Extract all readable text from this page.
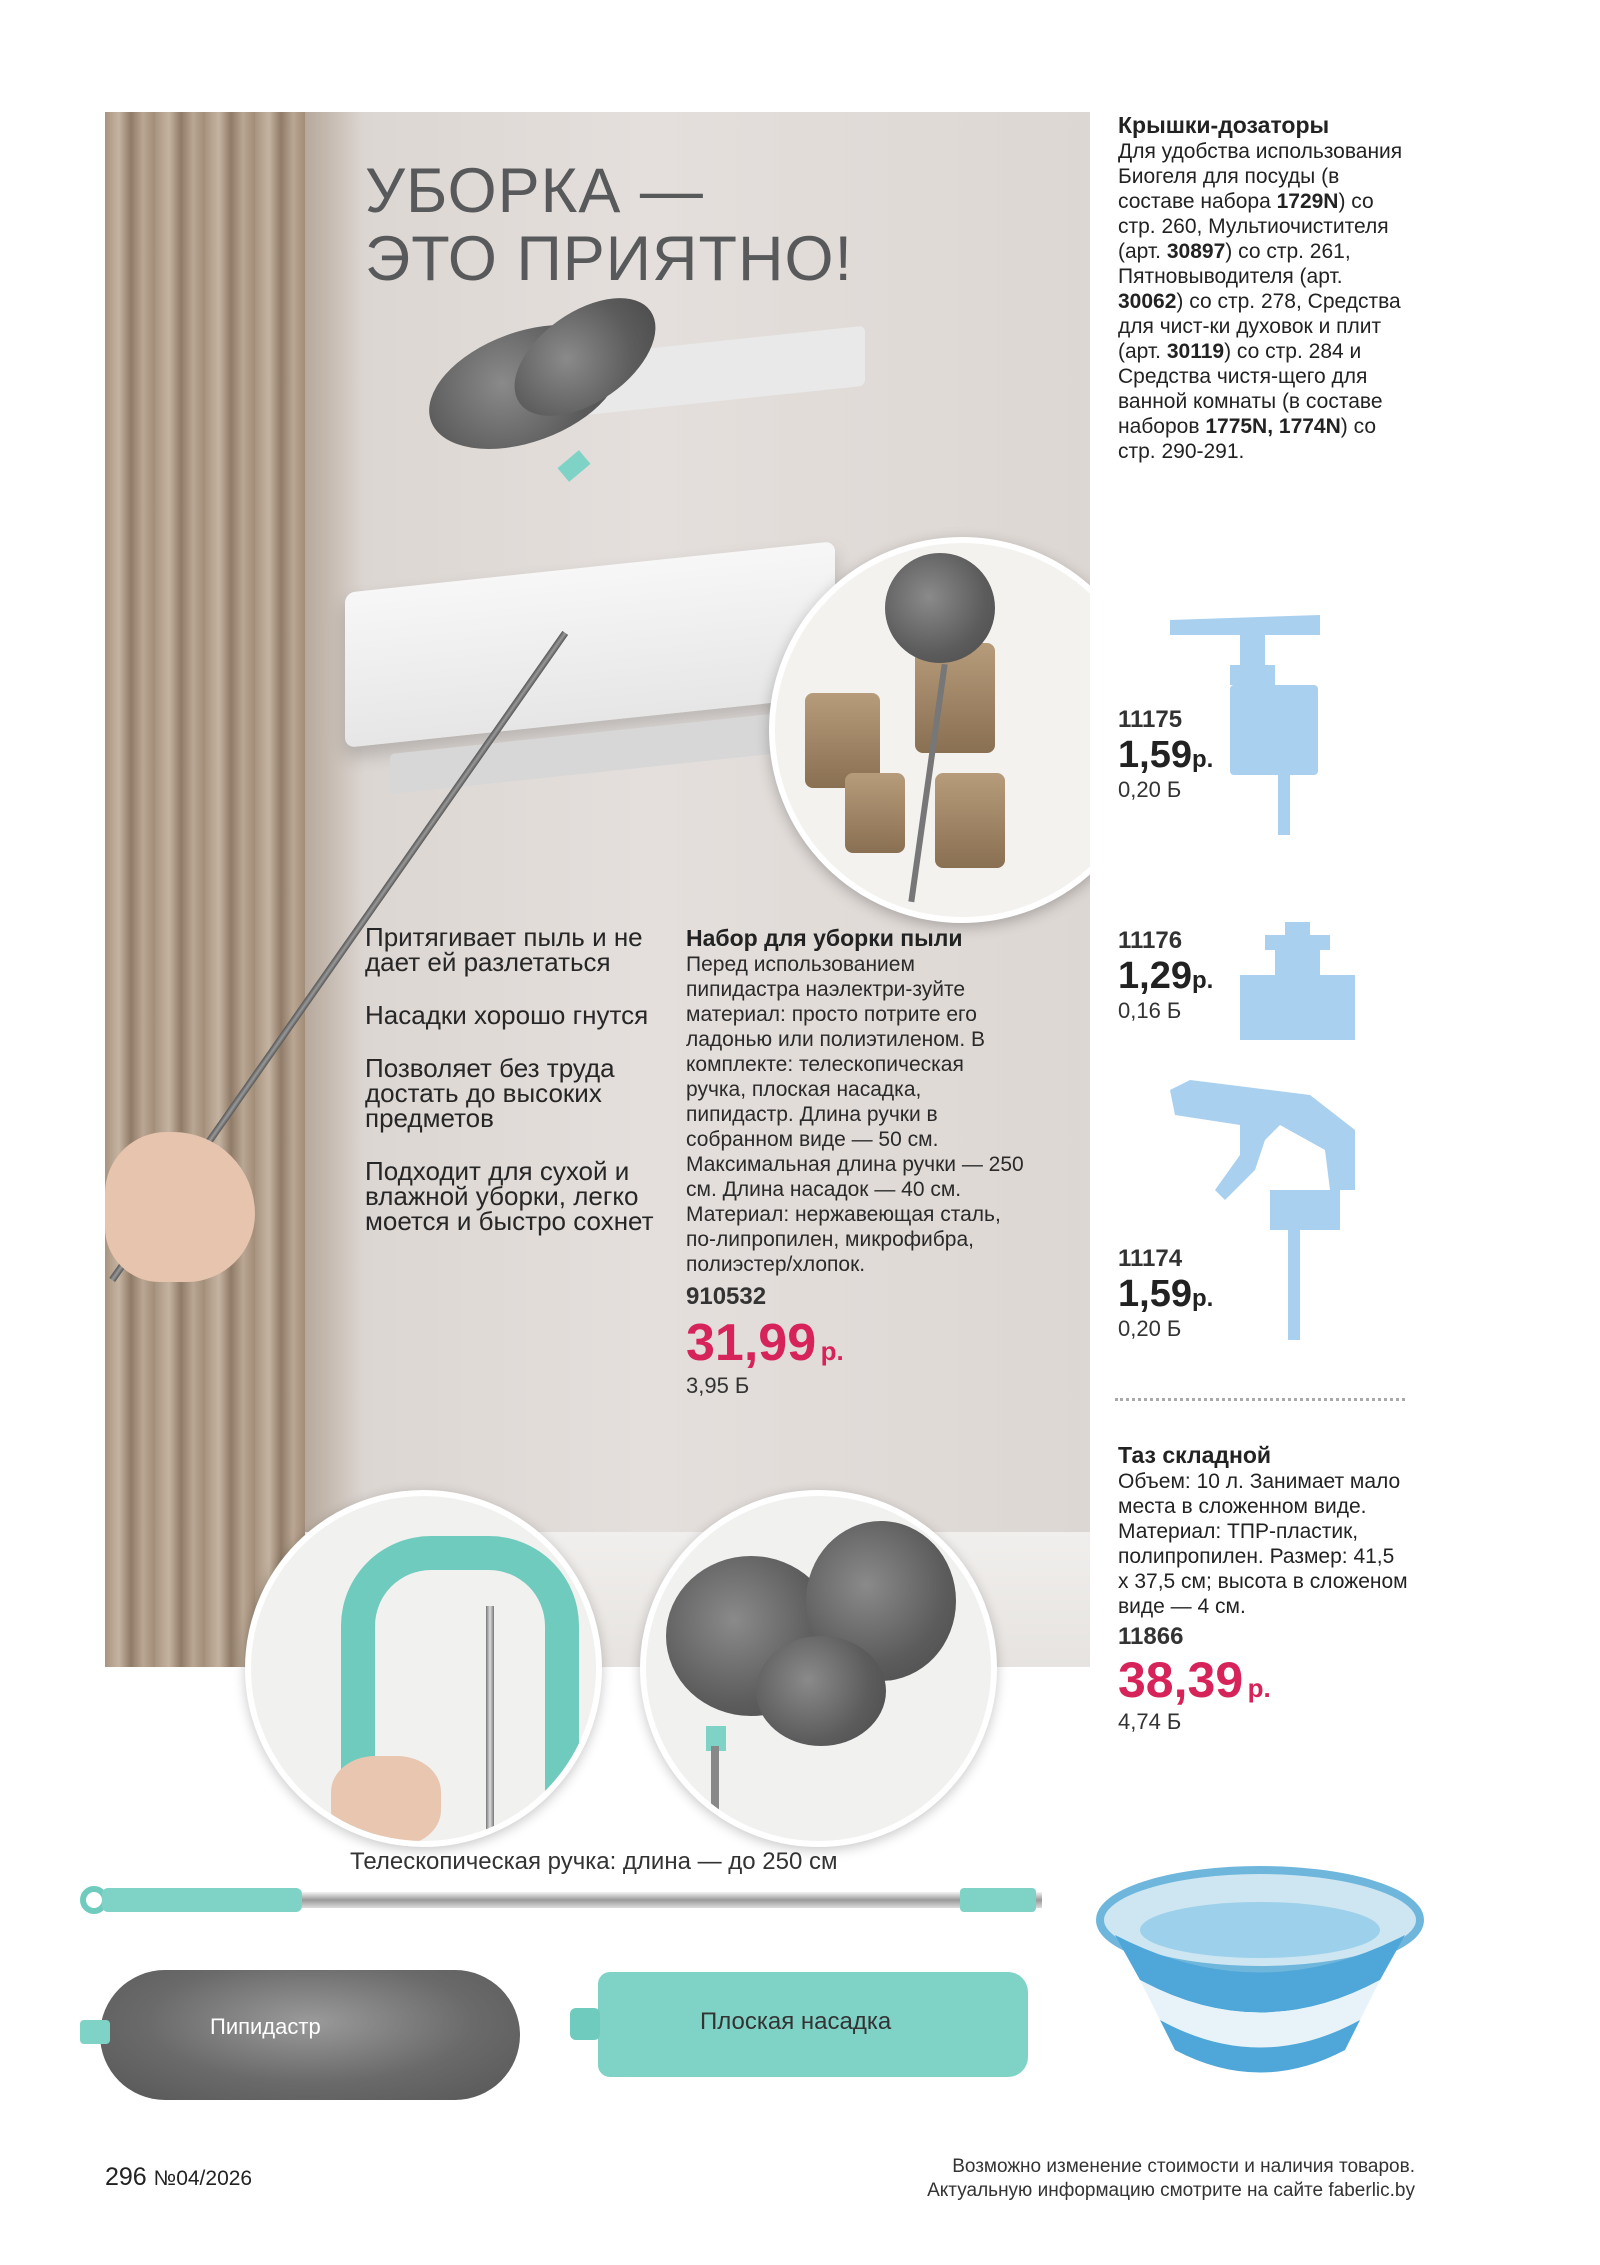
УБОРКА —
ЭТО ПРИЯТНО!
Притягивает пыль и не дает ей разлетаться
Насадки хорошо гнутся
Позволяет без труда достать до высоких предметов
Подходит для сухой и влажной уборки, легко моется и быстро сохнет
Набор для уборки пыли
Перед использованием пипидастра наэлектри-зуйте материал: просто потрите его ладонью или полиэтиленом. В комплекте: телескопическая ручка, плоская насадка, пипидастр. Длина ручки в собранном виде — 50 см. Максимальная длина ручки — 250 см. Длина насадок — 40 см. Материал: нержавеющая сталь, по-липропилен, микрофибра, полиэстер/хлопок.
910532
31,99 р.
3,95 Б
Крышки-дозаторы
Для удобства использования Биогеля для посуды (в составе набора 1729N) со стр. 260, Мультиочистителя (арт. 30897) со стр. 261, Пятновыводителя (арт. 30062) со стр. 278, Средства для чист-ки духовок и плит (арт. 30119) со стр. 284 и Средства чистя-щего для ванной комнаты (в составе наборов 1775N, 1774N) со стр. 290-291.
11175
1,59р.
0,20 Б
11176
1,29р.
0,16 Б
11174
1,59р.
0,20 Б
Таз складной
Объем: 10 л. Занимает мало места в сложенном виде. Материал: ТПР-пластик, полипропилен. Размер: 41,5 x 37,5 см; высота в сложеном виде — 4 см.
11866
38,39 р.
4,74 Б
Телескопическая ручка: длина — до 250 см
Пипидастр	Плоская насадка
296 №04/2026
Возможно изменение стоимости и наличия товаров.
Актуальную информацию смотрите на сайте faberlic.by
